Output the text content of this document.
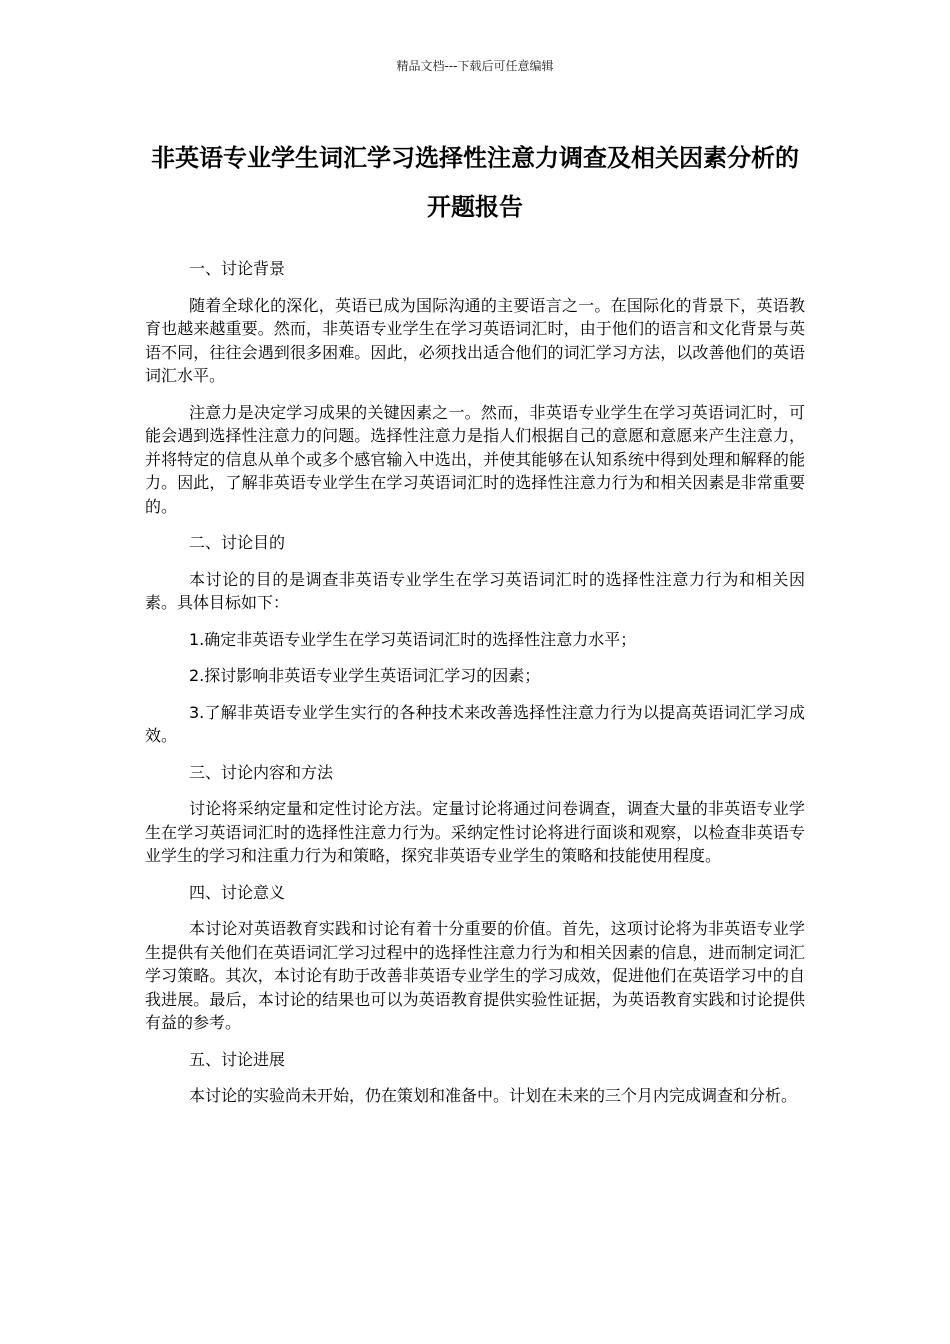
精品文档---下载后可任意编辑
非英语专业学生词汇学习选择性注意力调查及相关因素分析的开题报告

一、讨论背景

随着全球化的深化，英语已成为国际沟通的主要语言之一。在国际化的背景下，英语教育也越来越重要。然而，非英语专业学生在学习英语词汇时，由于他们的语言和文化背景与英语不同，往往会遇到很多困难。因此，必须找出适合他们的词汇学习方法，以改善他们的英语词汇水平。

注意力是决定学习成果的关键因素之一。然而，非英语专业学生在学习英语词汇时，可能会遇到选择性注意力的问题。选择性注意力是指人们根据自己的意愿和意愿来产生注意力，并将特定的信息从单个或多个感官输入中选出，并使其能够在认知系统中得到处理和解释的能力。因此，了解非英语专业学生在学习英语词汇时的选择性注意力行为和相关因素是非常重要的。

二、讨论目的

本讨论的目的是调查非英语专业学生在学习英语词汇时的选择性注意力行为和相关因素。具体目标如下：

1.确定非英语专业学生在学习英语词汇时的选择性注意力水平；

2.探讨影响非英语专业学生英语词汇学习的因素；

3.了解非英语专业学生实行的各种技术来改善选择性注意力行为以提高英语词汇学习成效。

三、讨论内容和方法

讨论将采纳定量和定性讨论方法。定量讨论将通过问卷调查，调查大量的非英语专业学生在学习英语词汇时的选择性注意力行为。采纳定性讨论将进行面谈和观察，以检查非英语专业学生的学习和注重力行为和策略，探究非英语专业学生的策略和技能使用程度。

四、讨论意义

本讨论对英语教育实践和讨论有着十分重要的价值。首先，这项讨论将为非英语专业学生提供有关他们在英语词汇学习过程中的选择性注意力行为和相关因素的信息，进而制定词汇学习策略。其次，本讨论有助于改善非英语专业学生的学习成效，促进他们在英语学习中的自我进展。最后，本讨论的结果也可以为英语教育提供实验性证据，为英语教育实践和讨论提供有益的参考。

五、讨论进展

本讨论的实验尚未开始，仍在策划和准备中。计划在未来的三个月内完成调查和分析。
